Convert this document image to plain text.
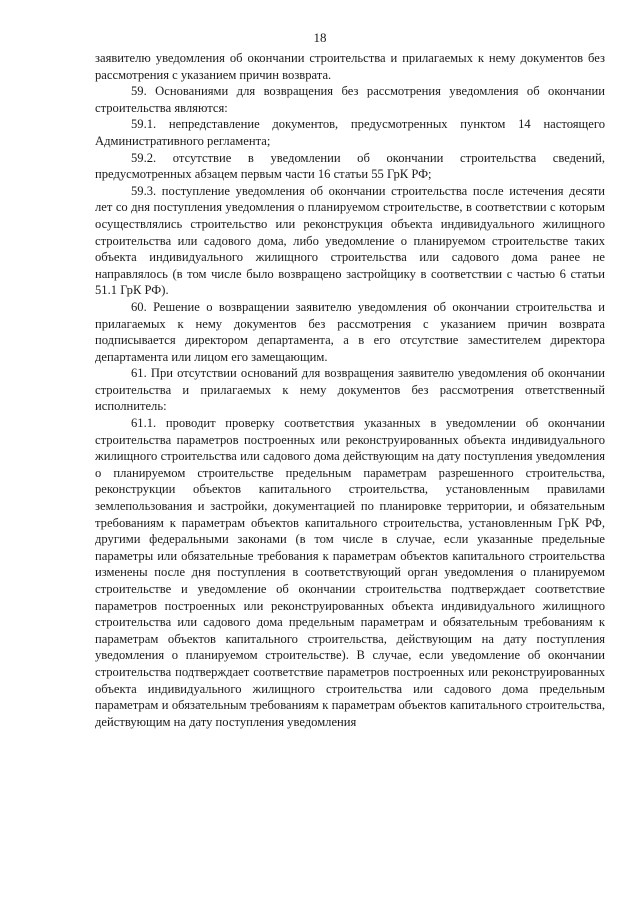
18

заявителю уведомления об окончании строительства и прилагаемых к нему документов без рассмотрения с указанием причин возврата.

59. Основаниями для возвращения без рассмотрения уведомления об окончании строительства являются:

59.1. непредставление документов, предусмотренных пунктом 14 настоящего Административного регламента;

59.2. отсутствие в уведомлении об окончании строительства сведений, предусмотренных абзацем первым части 16 статьи 55 ГрК РФ;

59.3. поступление уведомления об окончании строительства после истечения десяти лет со дня поступления уведомления о планируемом строительстве, в соответствии с которым осуществлялись строительство или реконструкция объекта индивидуального жилищного строительства или садового дома, либо уведомление о планируемом строительстве таких объекта индивидуального жилищного строительства или садового дома ранее не направлялось (в том числе было возвращено застройщику в соответствии с частью 6 статьи 51.1 ГрК РФ).

60. Решение о возвращении заявителю уведомления об окончании строительства и прилагаемых к нему документов без рассмотрения с указанием причин возврата подписывается директором департамента, а в его отсутствие заместителем директора департамента или лицом его замещающим.

61. При отсутствии оснований для возвращения заявителю уведомления об окончании строительства и прилагаемых к нему документов без рассмотрения ответственный исполнитель:

61.1. проводит проверку соответствия указанных в уведомлении об окончании строительства параметров построенных или реконструированных объекта индивидуального жилищного строительства или садового дома действующим на дату поступления уведомления о планируемом строительстве предельным параметрам разрешенного строительства, реконструкции объектов капитального строительства, установленным правилами землепользования и застройки, документацией по планировке территории, и обязательным требованиям к параметрам объектов капитального строительства, установленным ГрК РФ, другими федеральными законами (в том числе в случае, если указанные предельные параметры или обязательные требования к параметрам объектов капитального строительства изменены после дня поступления в соответствующий орган уведомления о планируемом строительстве и уведомление об окончании строительства подтверждает соответствие параметров построенных или реконструированных объекта индивидуального жилищного строительства или садового дома предельным параметрам и обязательным требованиям к параметрам объектов капитального строительства, действующим на дату поступления уведомления о планируемом строительстве). В случае, если уведомление об окончании строительства подтверждает соответствие параметров построенных или реконструированных объекта индивидуального жилищного строительства или садового дома предельным параметрам и обязательным требованиям к параметрам объектов капитального строительства, действующим на дату поступления уведомления
